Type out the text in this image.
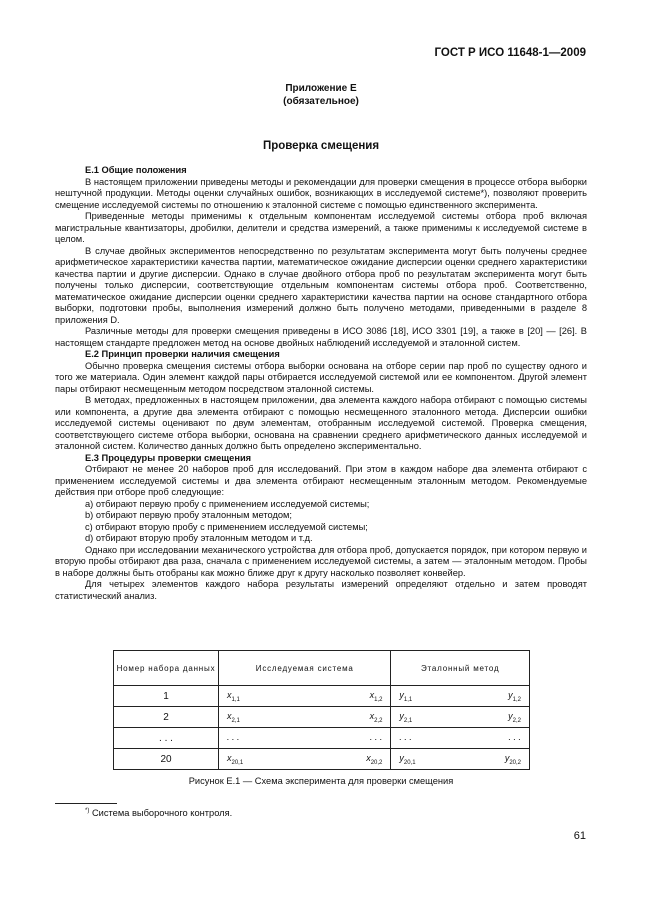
ГОСТ Р ИСО 11648-1—2009
Приложение Е
(обязательное)
Проверка смещения
Е.1 Общие положения

В настоящем приложении приведены методы и рекомендации для проверки смещения в процессе отбора выборки нештучной продукции. Методы оценки случайных ошибок, возникающих в исследуемой системе*), позволяют проверить смещение исследуемой системы по отношению к эталонной системе с помощью единственного эксперимента.

Приведенные методы применимы к отдельным компонентам исследуемой системы отбора проб включая магистральные квантизаторы, дробилки, делители и средства измерений, а также применимы к исследуемой системе в целом.

В случае двойных экспериментов непосредственно по результатам эксперимента могут быть получены среднее арифметическое характеристики качества партии, математическое ожидание дисперсии оценки среднего характеристики качества партии и другие дисперсии. Однако в случае двойного отбора проб по результатам эксперимента могут быть получены только дисперсии, соответствующие отдельным компонентам системы отбора проб. Соответственно, математическое ожидание дисперсии оценки среднего характеристики качества партии на основе стандартного отбора выборки, подготовки пробы, выполнения измерений должно быть получено методами, приведенными в разделе 8 приложения D.

Различные методы для проверки смещения приведены в ИСО 3086 [18], ИСО 3301 [19], а также в [20] — [26]. В настоящем стандарте предложен метод на основе двойных наблюдений исследуемой и эталонной систем.

Е.2 Принцип проверки наличия смещения

Обычно проверка смещения системы отбора выборки основана на отборе серии пар проб по существу одного и того же материала. Один элемент каждой пары отбирается исследуемой системой или ее компонентом. Другой элемент пары отбирают несмещенным методом посредством эталонной системы.

В методах, предложенных в настоящем приложении, два элемента каждого набора отбирают с помощью системы или компонента, а другие два элемента отбирают с помощью несмещенного эталонного метода. Дисперсии ошибки исследуемой системы оценивают по двум элементам, отобранным исследуемой системой. Проверка смещения, соответствующего системе отбора выборки, основана на сравнении среднего арифметического данных исследуемой и эталонной систем. Количество данных должно быть определено экспериментально.

Е.3 Процедуры проверки смещения

Отбирают не менее 20 наборов проб для исследований. При этом в каждом наборе два элемента отбирают с применением исследуемой системы и два элемента отбирают несмещенным эталонным методом. Рекомендуемые действия при отборе проб следующие:

a) отбирают первую пробу с применением исследуемой системы;
b) отбирают первую пробу эталонным методом;
c) отбирают вторую пробу с применением исследуемой системы;
d) отбирают вторую пробу эталонным методом и т.д.

Однако при исследовании механического устройства для отбора проб, допускается порядок, при котором первую и вторую пробы отбирают два раза, сначала с применением исследуемой системы, а затем — эталонным методом. Пробы в наборе должны быть отобраны как можно ближе друг к другу насколько позволяет конвейер.

Для четырех элементов каждого набора результаты измерений определяют отдельно и затем проводят статистический анализ.

Номер набора данных	Исследуемая система	Эталонный метод
1	$x_{1,1}$ $x_{1,2}$	$y_{1,1}$ $y_{1,2}$

2	$x_{2,1}$ $x_{2,2}$	$y_{2,1}$ $y_{2,2}$

. . .	. . . . . .	. . . . . .

20	$x_{20,1}$ $x_{20,2}$	$y_{20,1}$ $y_{20,2}$
Рисунок Е.1 — Схема эксперимента для проверки смещения
*) Система выборочного контроля.
61
